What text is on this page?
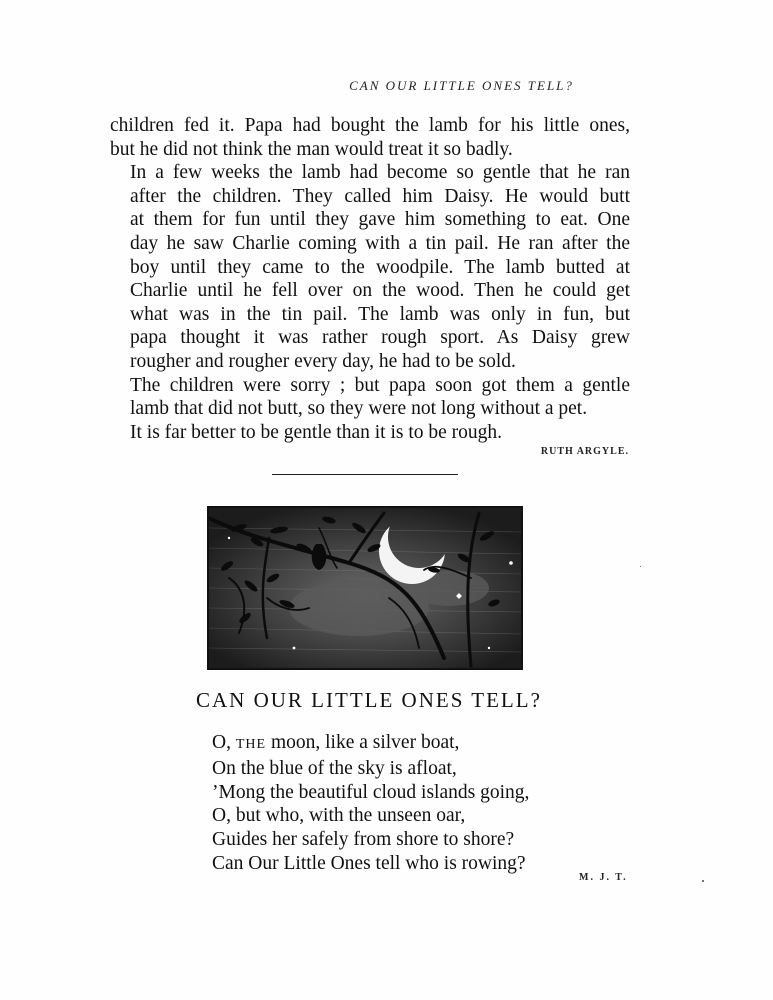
CAN OUR LITTLE ONES TELL?

children fed it. Papa had bought the lamb for his little ones,
but he did not think the man would treat it so badly.

In a few weeks the lamb had become so gentle that he ran
after the children. They called him Daisy. He would butt
at them for fun until they gave him something to eat. One
day he saw Charlie coming with a tin pail. He ran after the
boy until they came to the woodpile. The lamb butted at
Charlie until he fell over on the wood. Then he could get
what was in the tin pail. The lamb was only in fun, but
papa thought it was rather rough sport. As Daisy grew
rougher and rougher every day, he had to be sold.

The children were sorry ; but papa soon got them a gentle
lamb that did not butt, so they were not long without a pet.

It is far better to be gentle than it is to be rough.

RUTH ARGYLE.
CAN OUR LITTLE ONES TELL?
O, THE moon, like a silver boat,
On the blue of the sky is afloat,
’Mong the beautiful cloud islands going,
O, but who, with the unseen oar,
Guides her safely from shore to shore?
Can Our Little Ones tell who is rowing?
M. J. T.
